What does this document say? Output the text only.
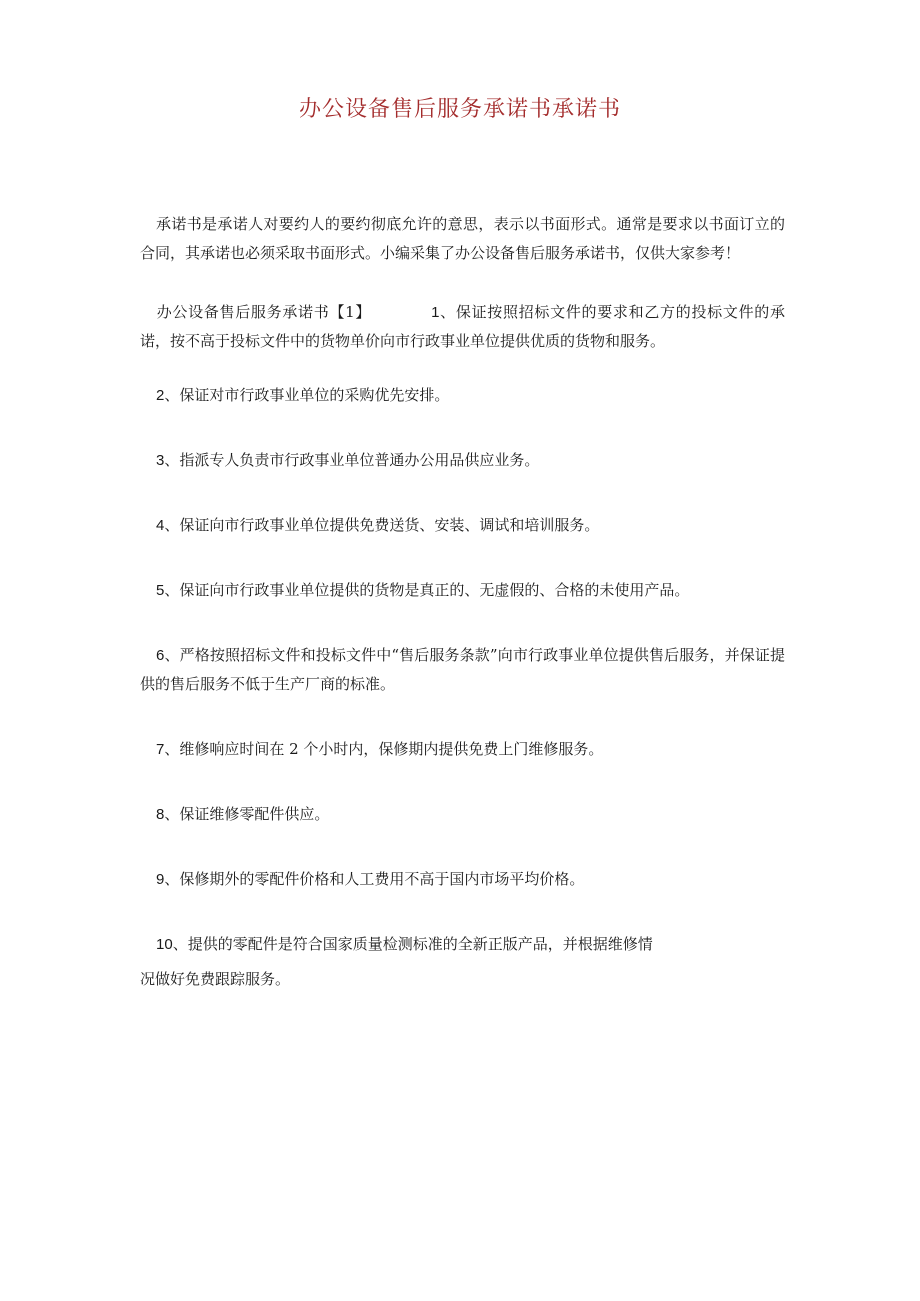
办公设备售后服务承诺书承诺书

承诺书是承诺人对要约人的要约彻底允许的意思，表示以书面形式。通常是要求以书面订立的合同，其承诺也必须采取书面形式。小编采集了办公设备售后服务承诺书，仅供大家参考！

办公设备售后服务承诺书【1】	1、保证按照招标文件的要求和乙方的投标文件的承诺，按不高于投标文件中的货物单价向市行政事业单位提供优质的货物和服务。

2、保证对市行政事业单位的采购优先安排。

3、指派专人负责市行政事业单位普通办公用品供应业务。

4、保证向市行政事业单位提供免费送货、安装、调试和培训服务。

5、保证向市行政事业单位提供的货物是真正的、无虚假的、合格的未使用产品。

6、严格按照招标文件和投标文件中“售后服务条款”向市行政事业单位提供售后服务，并保证提供的售后服务不低于生产厂商的标准。

7、维修响应时间在 2 个小时内，保修期内提供免费上门维修服务。

8、保证维修零配件供应。

9、保修期外的零配件价格和人工费用不高于国内市场平均价格。

10、提供的零配件是符合国家质量检测标准的全新正版产品，并根据维修情

况做好免费跟踪服务。
